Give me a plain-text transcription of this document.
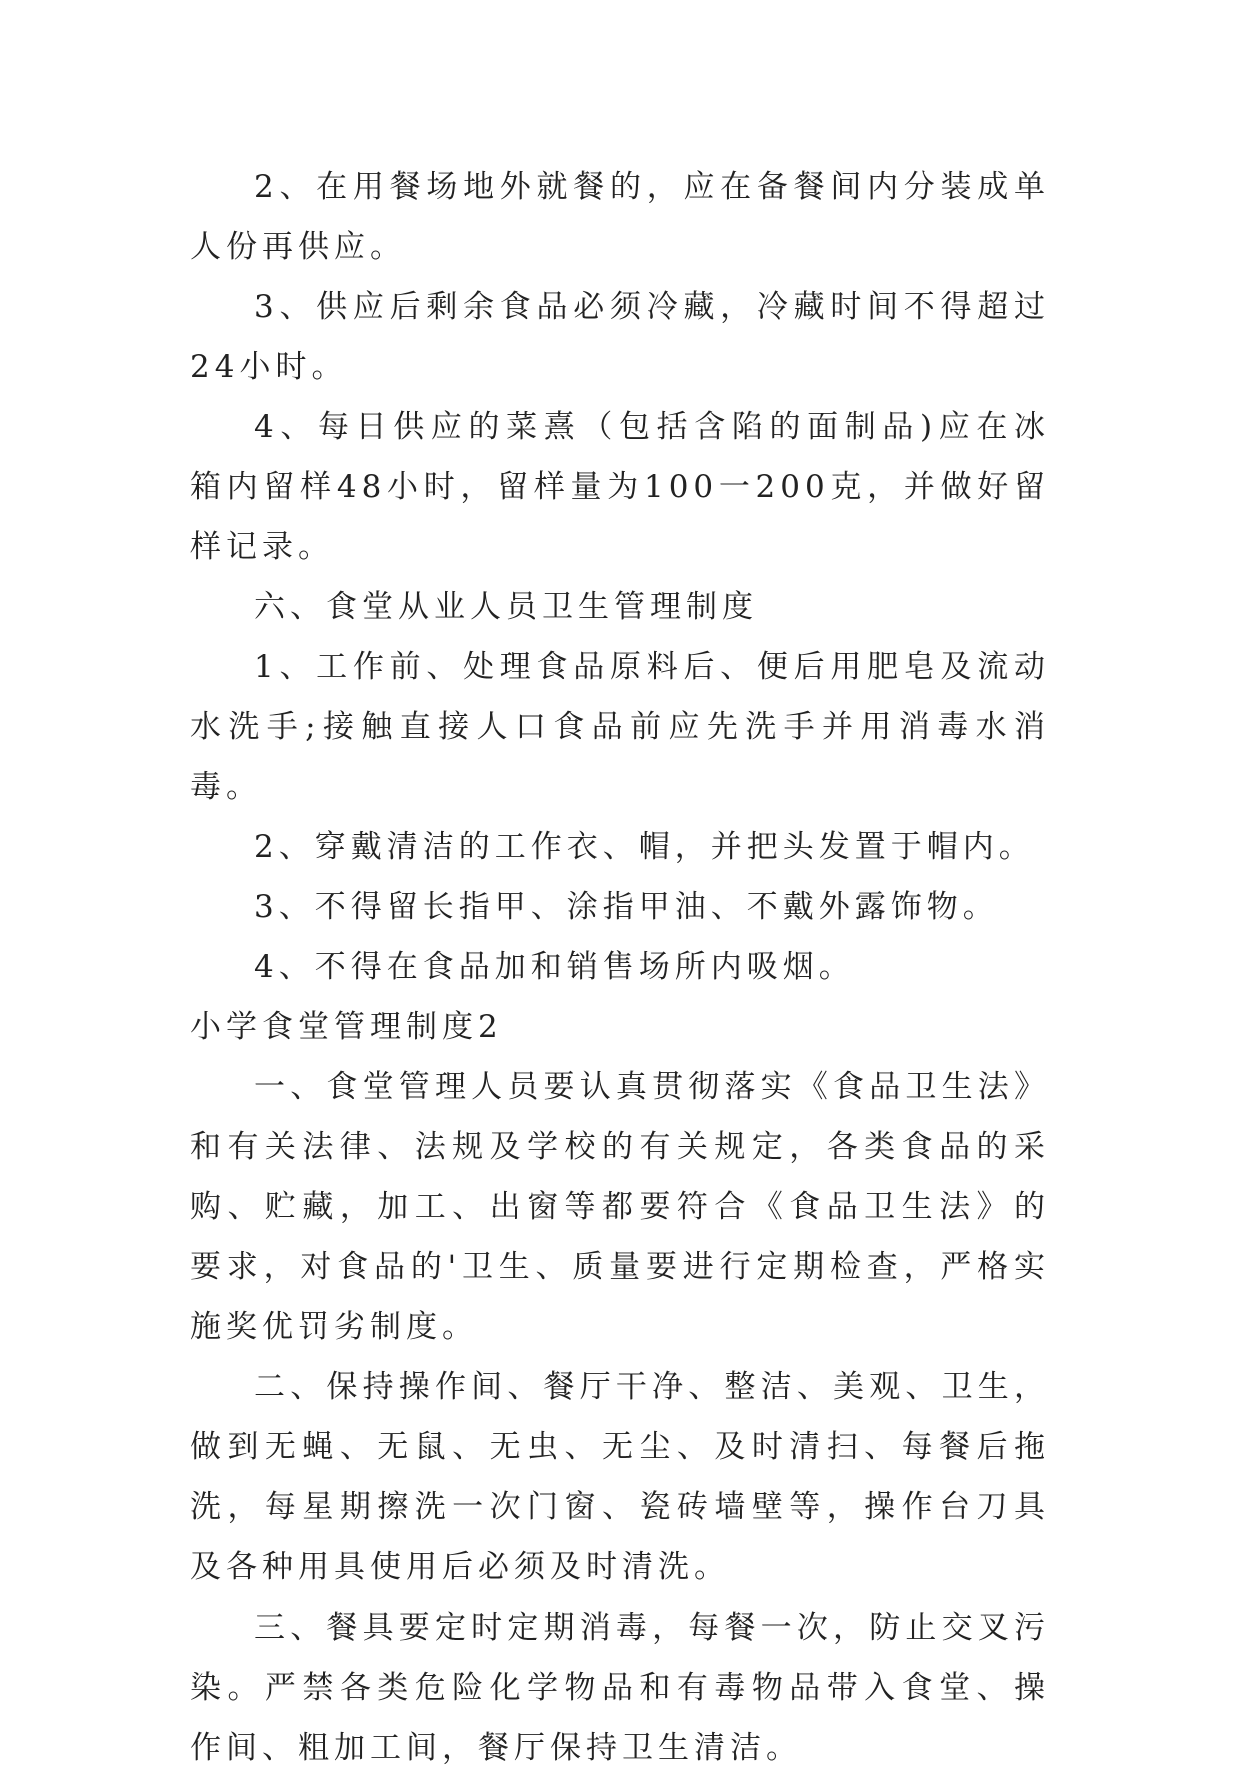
2、在用餐场地外就餐的，应在备餐间内分装成单人份再供应。

3、供应后剩余食品必须冷藏，冷藏时间不得超过24小时。

4、每日供应的菜熹（包括含陷的面制品)应在冰箱内留样48小时，留样量为100一200克，并做好留样记录。

六、食堂从业人员卫生管理制度

1、工作前、处理食品原料后、便后用肥皂及流动水洗手;接触直接人口食品前应先洗手并用消毒水消毒。

2、穿戴清洁的工作衣、帽，并把头发置于帽内。

3、不得留长指甲、涂指甲油、不戴外露饰物。

4、不得在食品加和销售场所内吸烟。

小学食堂管理制度2

一、食堂管理人员要认真贯彻落实《食品卫生法》和有关法律、法规及学校的有关规定，各类食品的采购、贮藏，加工、出窗等都要符合《食品卫生法》的要求，对食品的'卫生、质量要进行定期检查，严格实施奖优罚劣制度。

二、保持操作间、餐厅干净、整洁、美观、卫生，做到无蝇、无鼠、无虫、无尘、及时清扫、每餐后拖洗，每星期擦洗一次门窗、瓷砖墙壁等，操作台刀具及各种用具使用后必须及时清洗。

三、餐具要定时定期消毒，每餐一次，防止交叉污染。严禁各类危险化学物品和有毒物品带入食堂、操作间、粗加工间，餐厅保持卫生清洁。
